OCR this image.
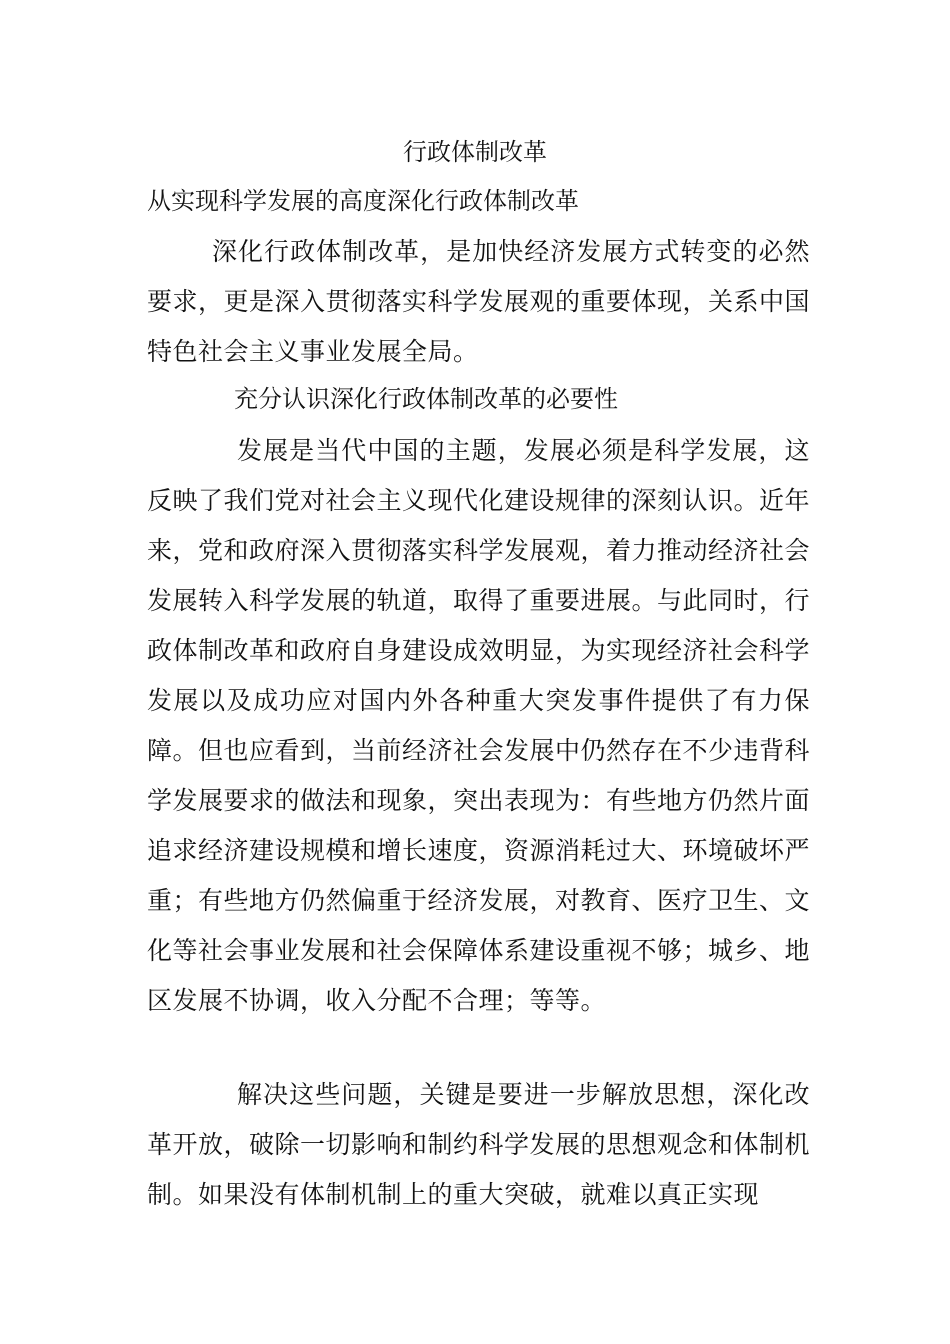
行政体制改革
从实现科学发展的高度深化行政体制改革

深化行政体制改革，是加快经济发展方式转变的必然要求，更是深入贯彻落实科学发展观的重要体现，关系中国特色社会主义事业发展全局。

充分认识深化行政体制改革的必要性

发展是当代中国的主题，发展必须是科学发展，这反映了我们党对社会主义现代化建设规律的深刻认识。近年来，党和政府深入贯彻落实科学发展观，着力推动经济社会发展转入科学发展的轨道，取得了重要进展。与此同时，行政体制改革和政府自身建设成效明显，为实现经济社会科学发展以及成功应对国内外各种重大突发事件提供了有力保障。但也应看到，当前经济社会发展中仍然存在不少违背科学发展要求的做法和现象，突出表现为：有些地方仍然片面追求经济建设规模和增长速度，资源消耗过大、环境破坏严重；有些地方仍然偏重于经济发展，对教育、医疗卫生、文化等社会事业发展和社会保障体系建设重视不够；城乡、地区发展不协调，收入分配不合理；等等。

解决这些问题，关键是要进一步解放思想，深化改革开放，破除一切影响和制约科学发展的思想观念和体制机制。如果没有体制机制上的重大突破，就难以真正实现
